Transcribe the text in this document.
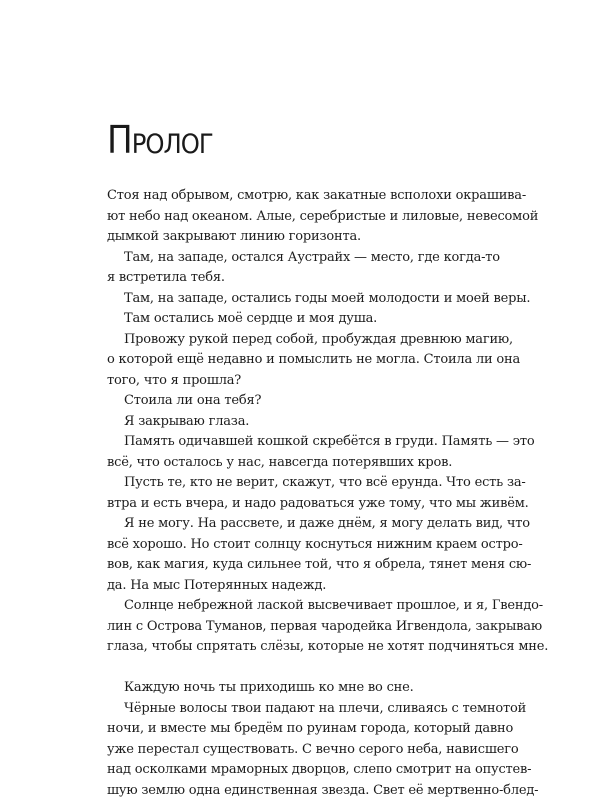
Пролог
Стоя над обрывом, смотрю, как закатные всполохи окрашива-
ют небо над океаном. Алые, серебристые и лиловые, невесомой
дымкой закрывают линию горизонта.
Там, на западе, остался Аустрайх — место, где когда-то
я встретила тебя.
Там, на западе, остались годы моей молодости и моей веры.
Там остались моё сердце и моя душа.
Провожу рукой перед собой, пробуждая древнюю магию,
о которой ещё недавно и помыслить не могла. Стоила ли она
того, что я прошла?
Стоила ли она тебя?
Я закрываю глаза.
Память одичавшей кошкой скребётся в груди. Память — это
всё, что осталось у нас, навсегда потерявших кров.
Пусть те, кто не верит, скажут, что всё ерунда. Что есть за-
втра и есть вчера, и надо радоваться уже тому, что мы живём.
Я не могу. На рассвете, и даже днём, я могу делать вид, что
всё хорошо. Но стоит солнцу коснуться нижним краем остро-
вов, как магия, куда сильнее той, что я обрела, тянет меня сю-
да. На мыс Потерянных надежд.
Солнце небрежной лаской высвечивает прошлое, и я, Гвендо-
лин с Острова Туманов, первая чародейка Игвендола, закрываю
глаза, чтобы спрятать слёзы, которые не хотят подчиняться мне.
Каждую ночь ты приходишь ко мне во сне.
Чёрные волосы твои падают на плечи, сливаясь с темнотой
ночи, и вместе мы бредём по руинам города, который давно
уже перестал существовать. С вечно серого неба, нависшего
над осколками мраморных дворцов, слепо смотрит на опустев-
шую землю одна единственная звезда. Свет её мертвенно-блед-
